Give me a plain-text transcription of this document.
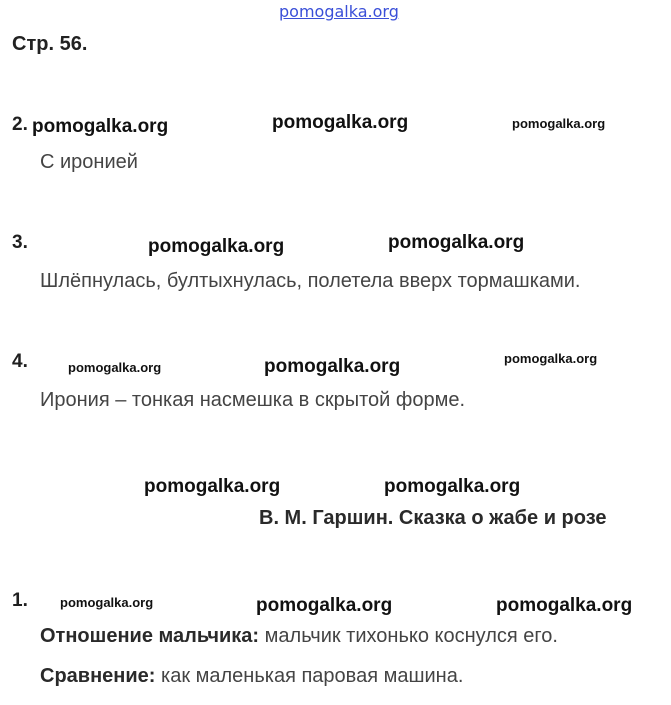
pomogalka.org
Стр. 56.
2. pomogalka.org	pomogalka.org	pomogalka.org
С иронией
3.	pomogalka.org	pomogalka.org
Шлёпнулась, бултыхнулась, полетела вверх тормашками.
4.	pomogalka.org	pomogalka.org	pomogalka.org
Ирония – тонкая насмешка в скрытой форме.
pomogalka.org	pomogalka.org
В. М. Гаршин. Сказка о жабе и розе
1. pomogalka.org	pomogalka.org	pomogalka.org
Отношение мальчика: мальчик тихонько коснулся его.
Сравнение: как маленькая паровая машина.
